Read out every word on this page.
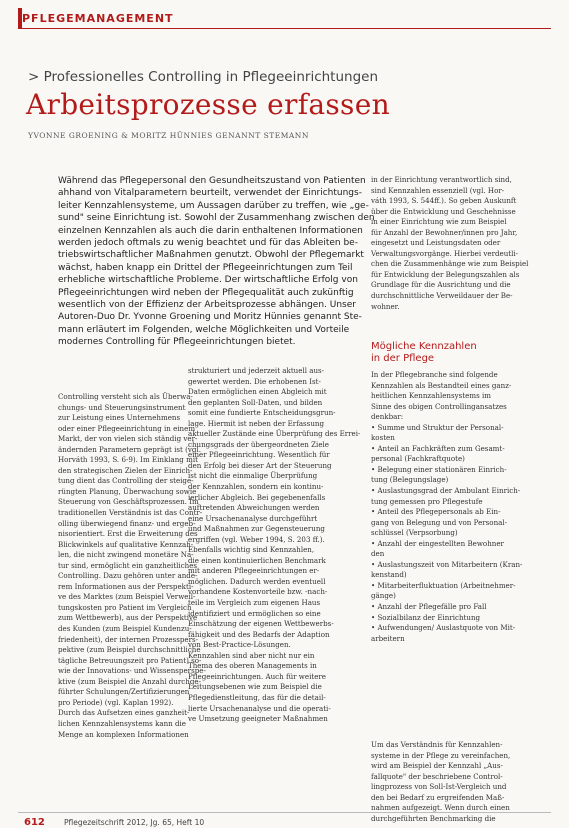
PFLEGEMANAGEMENT
> Professionelles Controlling in Pflegeeinrichtungen
Arbeitsprozesse erfassen
YVONNE GROENING & MORITZ HÜNNIES GENANNT STEMANN
Während das Pflegepersonal den Gesundheitszustand von Patienten
ahhand von Vitalparametern beurteilt, verwendet der Einrichtungs-
leiter Kennzahlensysteme, um Aussagen darüber zu treffen, wie „ge-
sund" seine Einrichtung ist. Sowohl der Zusammenhang zwischen den
einzelnen Kennzahlen als auch die darin enthaltenen Informationen
werden jedoch oftmals zu wenig beachtet und für das Ableiten be-
triebswirtschaftlicher Maßnahmen genutzt. Obwohl der Pflegemarkt
wächst, haben knapp ein Drittel der Pflegeeinrichtungen zum Teil
erhebliche wirtschaftliche Probleme. Der wirtschaftliche Erfolg von
Pflegeeinrichtungen wird neben der Pflegequalität auch zukünftig
wesentlich von der Effizienz der Arbeitsprozesse abhängen. Unser
Autoren-Duo Dr. Yvonne Groening und Moritz Hünnies genannt Ste-
mann erläutert im Folgenden, welche Möglichkeiten und Vorteile
modernes Controlling für Pflegeeinrichtungen bietet.
Controlling versteht sich als Überwa-
chungs- und Steuerungsinstrument
zur Leistung eines Unternehmens
oder einer Pflegeeinrichtung in einem
Markt, der von vielen sich ständig ver-
ändernden Parametern geprägt ist (vgl.
Horváth 1993, S. 6-9). Im Einklang mit
den strategischen Zielen der Einrich-
tung dient das Controlling der steige-
rüngten Planung, Überwachung sowie
Steuerung von Geschäftsprozessen. Im
traditionellen Verständnis ist das Contr-
olling überwiegend finanz- und ergeb-
nisorientiert. Erst die Erweiterung des
Blickwinkels auf qualitative Kennzah-
len, die nicht zwingend monetäre Na-
tur sind, ermöglicht ein ganzheitliches
Controlling. Dazu gehören unter ande-
rem Informationen aus der Perspekti-
ve des Marktes (zum Beispiel Verweil-
tungskosten pro Patient im Vergleich
zum Wettbewerb), aus der Perspektive
des Kunden (zum Beispiel Kundenzu-
friedenheit), der internen Prozesspers-
pektive (zum Beispiel durchschnittliche
tägliche Betreuungszeit pro Patient) so-
wie der Innovations- und Wissensperspe-
ktive (zum Beispiel die Anzahl durchge-
führter Schulungen/Zertifizierungen
pro Periode) (vgl. Kaplan 1992).
Durch das Aufsetzen eines ganzheit-
lichen Kennzahlensystems kann die
Menge an komplexen Informationen
strukturiert und jederzeit aktuell aus-
gewertet werden. Die erhobenen Ist-
Daten ermöglichen einen Abgleich mit
den geplanten Soll-Daten, und bilden
somit eine fundierte Entscheidungsgrun-
lage. Hiermit ist neben der Erfassung
aktueller Zustände eine Überprüfung des Errei-
chungsgrads der übergeordneten Ziele
einer Pflegeeinrichtung. Wesentlich für
den Erfolg bei dieser Art der Steuerung
ist nicht die einmalige Überprüfung
der Kennzahlen, sondern ein kontinu-
ierlicher Abgleich. Bei gegebenenfalls
auftretenden Abweichungen werden
eine Ursachenanalyse durchgeführt
und Maßnahmen zur Gegensteuerung
ergriffen (vgl. Weber 1994, S. 203 ff.).
Ebenfalls wichtig sind Kennzahlen,
die einen kontinuierlichen Benchmark
mit anderen Pflegeeinrichtungen er-
möglichen. Dadurch werden eventuell
vorhandene Kostenvorteile bzw. -nach-
teile im Vergleich zum eigenen Haus
identifiziert und ermöglichen so eine
Einschätzung der eigenen Wettbewerbs-
fähigkeit und des Bedarfs der Adaption
von Best-Practice-Lösungen.
Kennzahlen sind aber nicht nur ein
Thema des oberen Managements in
Pflegeeinrichtungen. Auch für weitere
Leitungsebenen wie zum Beispiel die
Pflegedienstleitung, das für die detail-
lierte Ursachenanalyse und die operati-
ve Umsetzung geeigneter Maßnahmen
in der Einrichtung verantwortlich sind,
sind Kennzahlen essenziell (vgl. Hor-
váth 1993, S. 544ff.). So geben Auskunft
über die Entwicklung und Geschehnisse
in einer Einrichtung wie zum Beispiel
für Anzahl der Bewohner/innen pro Jahr,
eingesetzt und Leistungsdaten oder
Verwaltungsvorgänge. Hierbei verdeutli-
chen die Zusammenhänge wie zum Beispiel
für Entwicklung der Belegungszahlen als
Grundlage für die Ausrichtung und die
durchschnittliche Verweildauer der Be-
wohner.
Mögliche Kennzahlen
in der Pflege
In der Pflegebranche sind folgende
Kennzahlen als Bestandteil eines ganz-
heitlichen Kennzahlensystems im
Sinne des obigen Controllingansatzes
denkbar:
• Summe und Struktur der Personal-
kosten
• Anteil an Fachkräften zum Gesamt-
personal (Fachkraftquote)
• Belegung einer stationären Einrich-
tung (Belegungslage)
• Auslastungsgrad der Ambulant Einrich-
tung gemessen pro Pflegestufe
• Anteil des Pflegepersonals ab Ein-
gang von Belegung und von Personal-
schlüssel (Verpsorbung)
• Anzahl der eingestellten Bewohner
den
• Auslastungszeit von Mitarbeitern (Kran-
kenstand)
• Mitarbeiterfluktuation (Arbeitnehmer-
gänge)
• Anzahl der Pflegefälle pro Fall
• Sozialbilanz der Einrichtung
• Aufwendungen/ Auslastquote von Mit-
arbeitern
Um das Verständnis für Kennzahlen-
systeme in der Pflege zu vereinfachen,
wird am Beispiel der Kennzahl „Aus-
fallquote" der beschriebene Control-
lingprozess von Soll-Ist-Vergleich und
den bei Bedarf zu ergreifenden Maß-
nahmen aufgezeigt. Wenn durch einen
durchgeführten Benchmarking die
612	Pflegezeitschrift 2012, Jg. 65, Heft 10
